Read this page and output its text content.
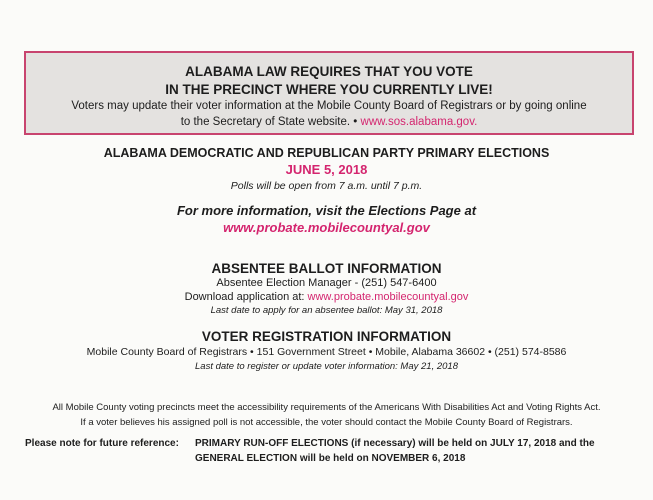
ALABAMA LAW REQUIRES THAT YOU VOTE
IN THE PRECINCT WHERE YOU CURRENTLY LIVE!
Voters may update their voter information at the Mobile County Board of Registrars or by going online
to the Secretary of State website. • www.sos.alabama.gov.
ALABAMA DEMOCRATIC AND REPUBLICAN PARTY PRIMARY ELECTIONS
JUNE 5, 2018
Polls will be open from 7 a.m. until 7 p.m.
For more information, visit the Elections Page at
www.probate.mobilecountyal.gov
ABSENTEE BALLOT INFORMATION
Absentee Election Manager - (251) 547-6400
Download application at: www.probate.mobilecountyal.gov
Last date to apply for an absentee ballot: May 31, 2018
VOTER REGISTRATION INFORMATION
Mobile County Board of Registrars • 151 Government Street • Mobile, Alabama 36602 • (251) 574-8586
Last date to register or update voter information: May 21, 2018
All Mobile County voting precincts meet the accessibility requirements of the Americans With Disabilities Act and Voting Rights Act.
If a voter believes his assigned poll is not accessible, the voter should contact the Mobile County Board of Registrars.
Please note for future reference: PRIMARY RUN-OFF ELECTIONS (if necessary) will be held on JULY 17, 2018 and the
GENERAL ELECTION will be held on NOVEMBER 6, 2018
